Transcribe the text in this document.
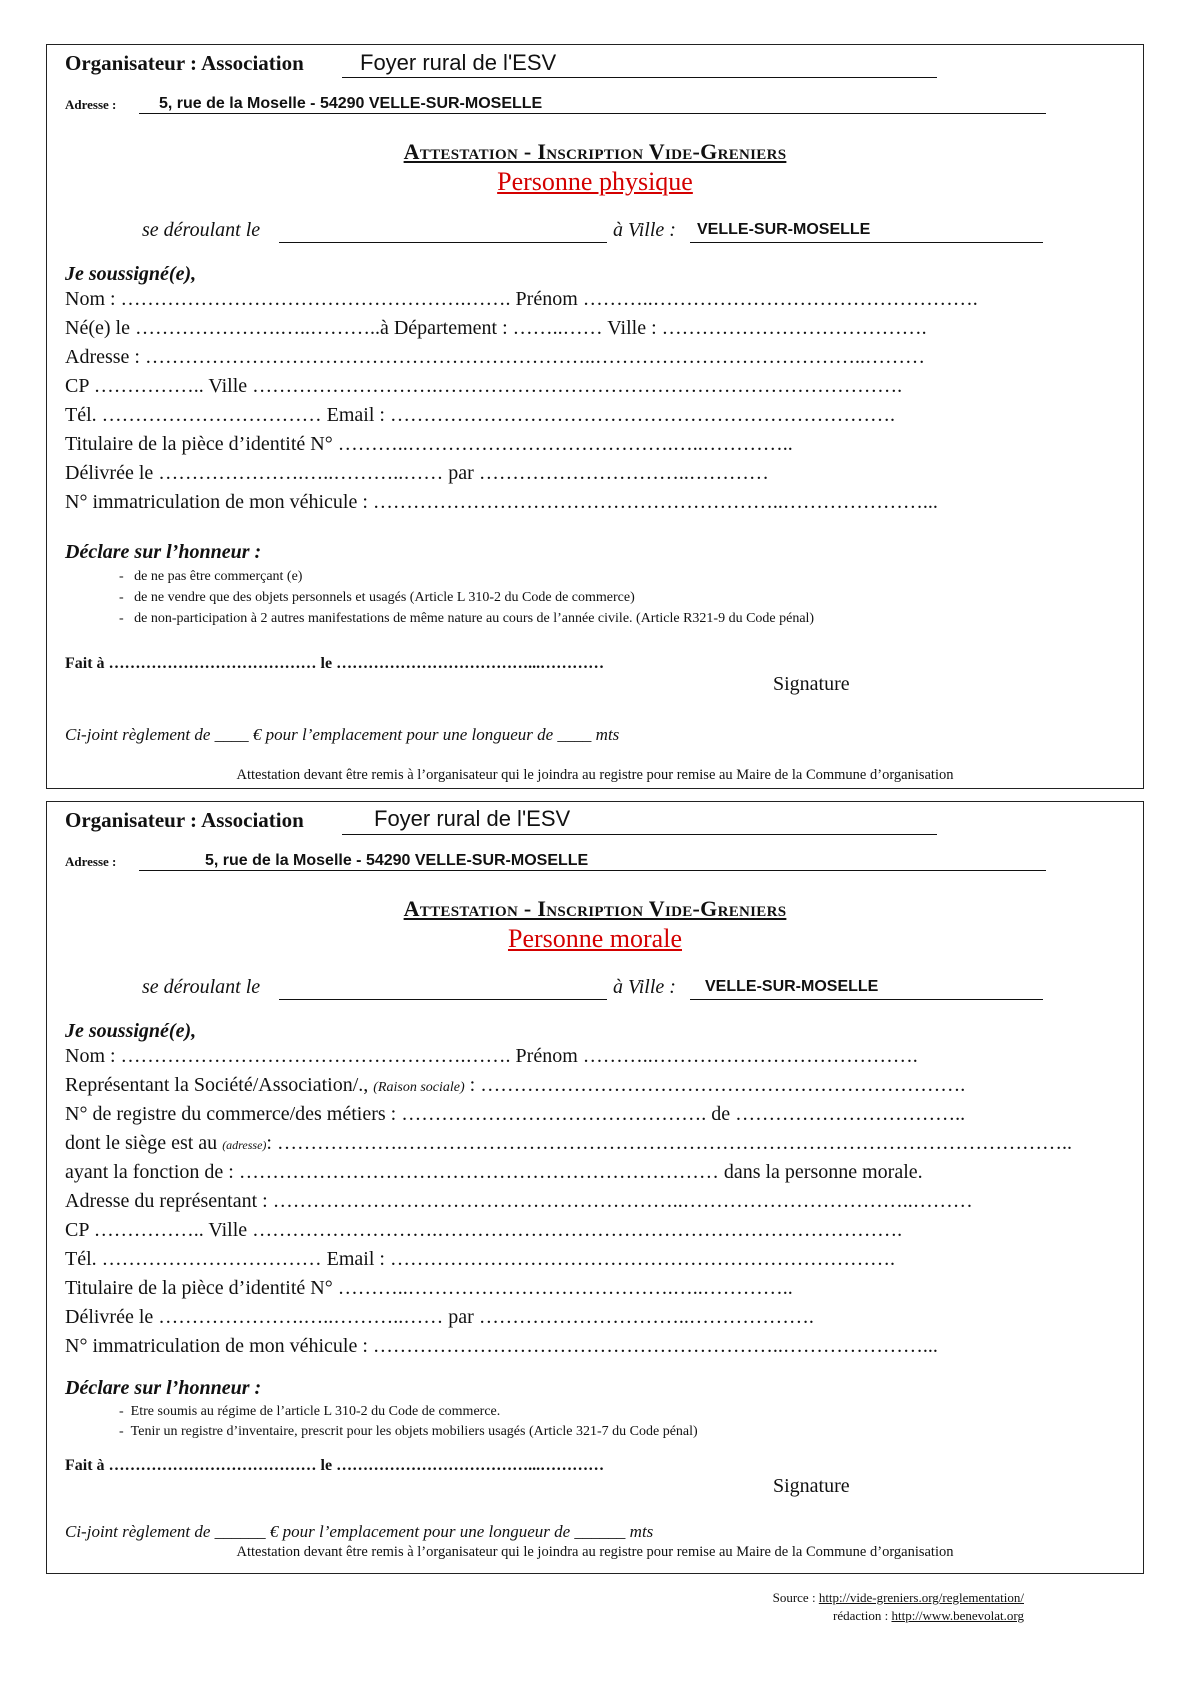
Organisateur : Association	Foyer rural de l'ESV
Adresse :	5, rue de la Moselle - 54290 VELLE-SUR-MOSELLE
Attestation - Inscription Vide-Greniers
Personne physique
se déroulant le	à Ville : VELLE-SUR-MOSELLE
Je soussigné(e),
Nom : …………………………………………….……. Prénom ………..………………………………………….
Né(e) le ………………….…..………..à Département : ……..…… Ville : ………………………………….
Adresse : …………………………………………………………..…………………………………..………
CP …………….. Ville ……………………….…………………………………………………………….
Tél. …………………………… Email : ………………………………………………………………….
Titulaire de la pièce d’identité N° ………..………………………………….…..…………..
Délivrée le ………………….…..………..…… par …………………………..…………
N° immatriculation de mon véhicule : ……………………………………………………..…………………...
Déclare sur l’honneur :
-   de ne pas être commerçant (e)
-   de ne vendre que des objets personnels et usagés (Article L 310-2 du Code de commerce)
-   de non-participation à 2 autres manifestations de même nature au cours de l’année civile. (Article R321-9 du Code pénal)
Fait à ………………………………… le ………………………………...…………
Signature
Ci-joint règlement de ____ € pour l’emplacement pour une longueur de ____ mts
Attestation devant être remis à l’organisateur qui le joindra au registre pour remise au Maire de la Commune d’organisation
Organisateur : Association	Foyer rural de l'ESV
Adresse :	5, rue de la Moselle - 54290 VELLE-SUR-MOSELLE
Attestation - Inscription Vide-Greniers
Personne morale
se déroulant le	à Ville : VELLE-SUR-MOSELLE
Je soussigné(e),
Nom : …………………………………………….……. Prénom ………..………………………………….
Représentant la Société/Association/., (Raison sociale) : ……………………………………………………………….
N° de registre du commerce/des métiers : ………………………………………. de ……………………………..
dont le siège est au (adresse): ……………….………………………………………………………………………………………..
ayant la fonction de : ……………………………………………………………… dans la personne morale.
Adresse du représentant : ……………………………………………………..……………………………..………
CP …………….. Ville ……………………….…………………………………………………………….
Tél. …………………………… Email : ………………………………………………………………….
Titulaire de la pièce d’identité N° ………..………………………………….…..…………..
Délivrée le ………………….…..………..…… par …………………………..……………….
N° immatriculation de mon véhicule : ……………………………………………………..…………………...
Déclare sur l’honneur :
-  Etre soumis au régime de l’article L 310-2 du Code de commerce.
-  Tenir un registre d’inventaire, prescrit pour les objets mobiliers usagés (Article 321-7 du Code pénal)
Fait à ………………………………… le ………………………………...…………
Signature
Ci-joint règlement de ______ € pour l’emplacement pour une longueur de ______ mts
Attestation devant être remis à l’organisateur qui le joindra au registre pour remise au Maire de la Commune d’organisation
Source : http://vide-greniers.org/reglementation/
rédaction : http://www.benevolat.org
